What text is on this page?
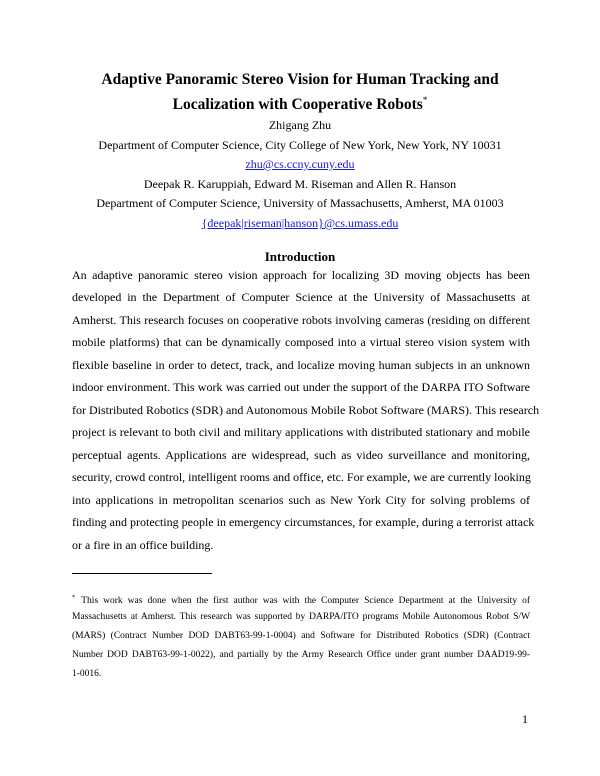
Adaptive Panoramic Stereo Vision for Human Tracking and
Localization with Cooperative Robots*
Zhigang Zhu
Department of Computer Science, City College of New York, New York, NY 10031
zhu@cs.ccny.cuny.edu
Deepak R. Karuppiah, Edward M. Riseman and Allen R. Hanson
Department of Computer Science, University of Massachusetts, Amherst, MA 01003
{deepak|riseman|hanson}@cs.umass.edu
Introduction
An adaptive panoramic stereo vision approach for localizing 3D moving objects has been
developed in the Department of Computer Science at the University of Massachusetts at
Amherst. This research focuses on cooperative robots involving cameras (residing on different
mobile platforms) that can be dynamically composed into a virtual stereo vision system with
flexible baseline in order to detect, track, and localize moving human subjects in an unknown
indoor environment. This work was carried out under the support of the DARPA ITO Software
for Distributed Robotics (SDR) and Autonomous Mobile Robot Software (MARS). This research
project is relevant to both civil and military applications with distributed stationary and mobile
perceptual agents. Applications are widespread, such as video surveillance and monitoring,
security, crowd control, intelligent rooms and office, etc. For example, we are currently looking
into applications in metropolitan scenarios such as New York City for solving problems of
finding and protecting people in emergency circumstances, for example, during a terrorist attack
or a fire in an office building.
* This work was done when the first author was with the Computer Science Department at the University of
Massachusetts at Amherst. This research was supported by DARPA/ITO programs Mobile Autonomous Robot S/W
(MARS) (Contract Number DOD DABT63-99-1-0004) and Software for Distributed Robotics (SDR) (Contract
Number DOD DABT63-99-1-0022), and partially by the Army Research Office under grant number DAAD19-99-
1-0016.
1
